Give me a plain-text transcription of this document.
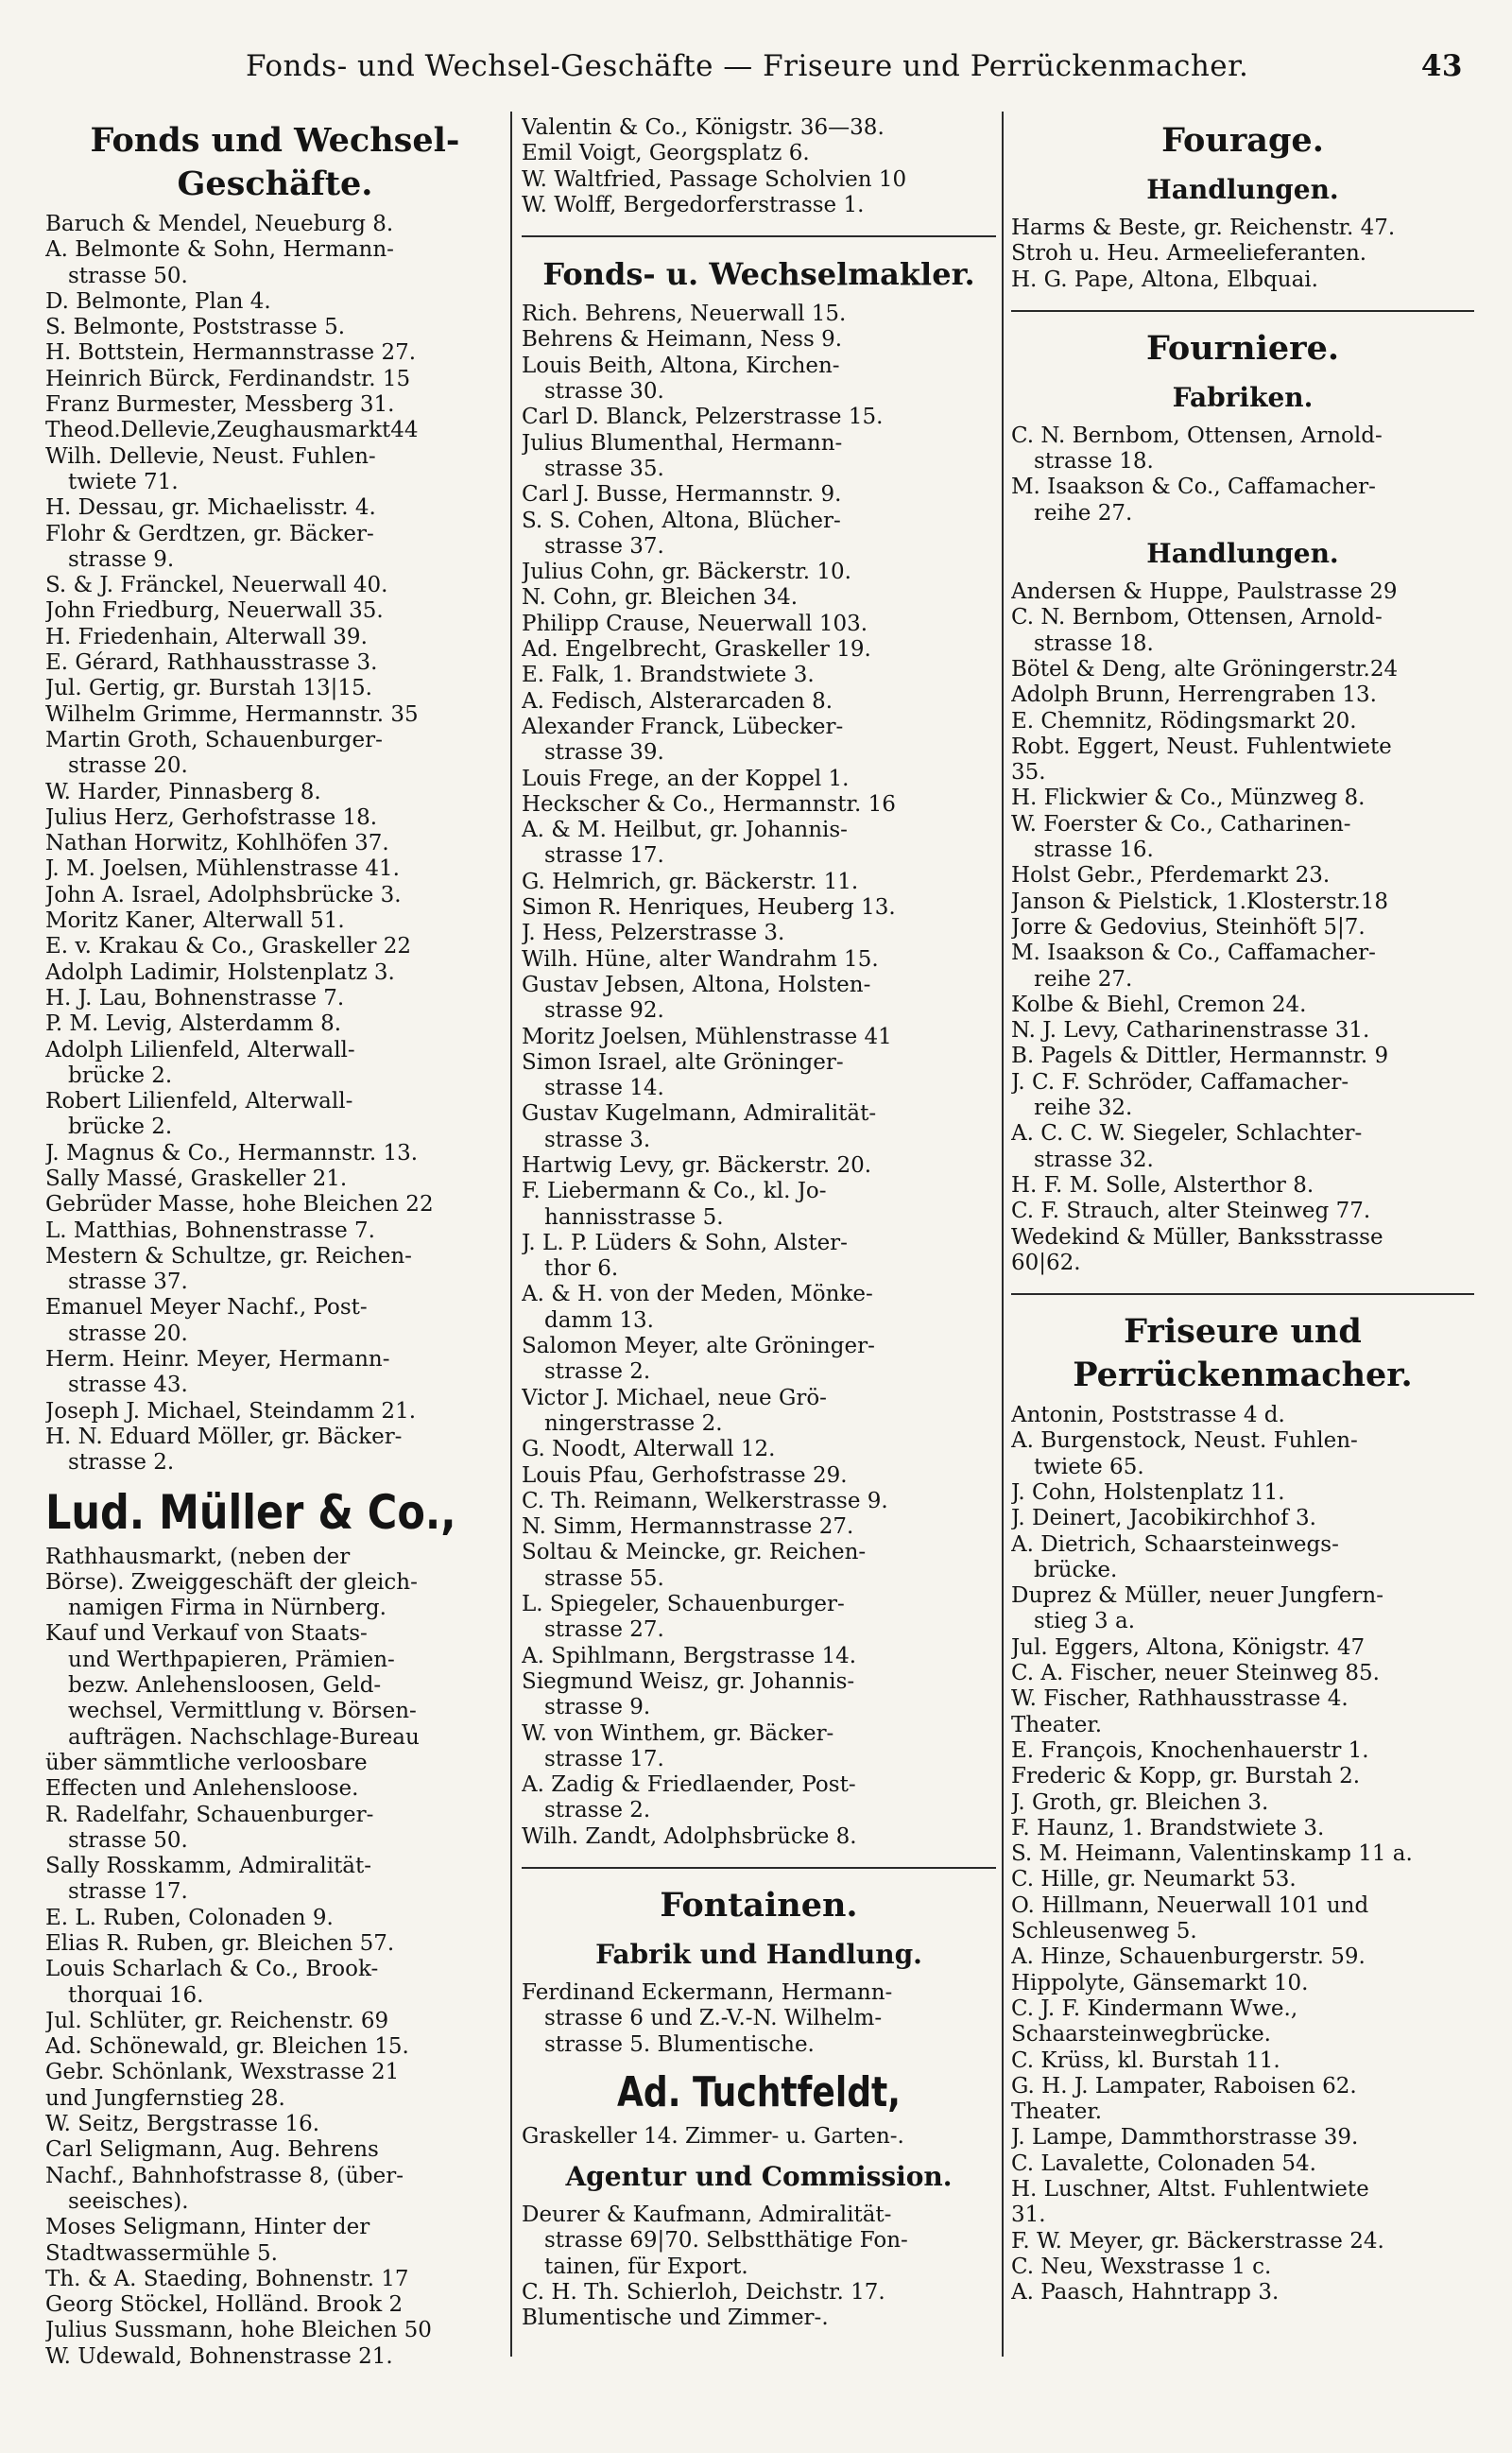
Fonds- und Wechsel-Geschäfte — Friseure und Perrückenmacher.	43
Fonds und Wechsel-
Geschäfte.
Baruch & Mendel, Neueburg 8.
A. Belmonte & Sohn, Hermann-
strasse 50.
D. Belmonte, Plan 4.
S. Belmonte, Poststrasse 5.
H. Bottstein, Hermannstrasse 27.
Heinrich Bürck, Ferdinandstr. 15
Franz Burmester, Messberg 31.
Theod.Dellevie,Zeughausmarkt44
Wilh. Dellevie, Neust. Fuhlen-
twiete 71.
H. Dessau, gr. Michaelisstr. 4.
Flohr & Gerdtzen, gr. Bäcker-
strasse 9.
S. & J. Fränckel, Neuerwall 40.
John Friedburg, Neuerwall 35.
H. Friedenhain, Alterwall 39.
E. Gérard, Rathhausstrasse 3.
Jul. Gertig, gr. Burstah 13|15.
Wilhelm Grimme, Hermannstr. 35
Martin Groth, Schauenburger-
strasse 20.
W. Harder, Pinnasberg 8.
Julius Herz, Gerhofstrasse 18.
Nathan Horwitz, Kohlhöfen 37.
J. M. Joelsen, Mühlenstrasse 41.
John A. Israel, Adolphsbrücke 3.
Moritz Kaner, Alterwall 51.
E. v. Krakau & Co., Graskeller 22
Adolph Ladimir, Holstenplatz 3.
H. J. Lau, Bohnenstrasse 7.
P. M. Levig, Alsterdamm 8.
Adolph Lilienfeld, Alterwall-
brücke 2.
Robert Lilienfeld, Alterwall-
brücke 2.
J. Magnus & Co., Hermannstr. 13.
Sally Massé, Graskeller 21.
Gebrüder Masse, hohe Bleichen 22
L. Matthias, Bohnenstrasse 7.
Mestern & Schultze, gr. Reichen-
strasse 37.
Emanuel Meyer Nachf., Post-
strasse 20.
Herm. Heinr. Meyer, Hermann-
strasse 43.
Joseph J. Michael, Steindamm 21.
H. N. Eduard Möller, gr. Bäcker-
strasse 2.
Lud. Müller & Co.,
Rathhausmarkt, (neben der
Börse). Zweiggeschäft der gleich-
namigen Firma in Nürnberg.
Kauf und Verkauf von Staats-
und Werthpapieren, Prämien-
bezw. Anlehensloosen, Geld-
wechsel, Vermittlung v. Börsen-
aufträgen. Nachschlage-Bureau
über sämmtliche verloosbare
Effecten und Anlehensloose.
R. Radelfahr, Schauenburger-
strasse 50.
Sally Rosskamm, Admiralität-
strasse 17.
E. L. Ruben, Colonaden 9.
Elias R. Ruben, gr. Bleichen 57.
Louis Scharlach & Co., Brook-
thorquai 16.
Jul. Schlüter, gr. Reichenstr. 69
Ad. Schönewald, gr. Bleichen 15.
Gebr. Schönlank, Wexstrasse 21
und Jungfernstieg 28.
W. Seitz, Bergstrasse 16.
Carl Seligmann, Aug. Behrens
Nachf., Bahnhofstrasse 8, (über-
seeisches).
Moses Seligmann, Hinter der
Stadtwassermühle 5.
Th. & A. Staeding, Bohnenstr. 17
Georg Stöckel, Holländ. Brook 2
Julius Sussmann, hohe Bleichen 50
W. Udewald, Bohnenstrasse 21.
Valentin & Co., Königstr. 36—38.
Emil Voigt, Georgsplatz 6.
W. Waltfried, Passage Scholvien 10
W. Wolff, Bergedorferstrasse 1.
Fonds- u. Wechselmakler.
Rich. Behrens, Neuerwall 15.
Behrens & Heimann, Ness 9.
Louis Beith, Altona, Kirchen-
strasse 30.
Carl D. Blanck, Pelzerstrasse 15.
Julius Blumenthal, Hermann-
strasse 35.
Carl J. Busse, Hermannstr. 9.
S. S. Cohen, Altona, Blücher-
strasse 37.
Julius Cohn, gr. Bäckerstr. 10.
N. Cohn, gr. Bleichen 34.
Philipp Crause, Neuerwall 103.
Ad. Engelbrecht, Graskeller 19.
E. Falk, 1. Brandstwiete 3.
A. Fedisch, Alsterarcaden 8.
Alexander Franck, Lübecker-
strasse 39.
Louis Frege, an der Koppel 1.
Heckscher & Co., Hermannstr. 16
A. & M. Heilbut, gr. Johannis-
strasse 17.
G. Helmrich, gr. Bäckerstr. 11.
Simon R. Henriques, Heuberg 13.
J. Hess, Pelzerstrasse 3.
Wilh. Hüne, alter Wandrahm 15.
Gustav Jebsen, Altona, Holsten-
strasse 92.
Moritz Joelsen, Mühlenstrasse 41
Simon Israel, alte Gröninger-
strasse 14.
Gustav Kugelmann, Admiralität-
strasse 3.
Hartwig Levy, gr. Bäckerstr. 20.
F. Liebermann & Co., kl. Jo-
hannisstrasse 5.
J. L. P. Lüders & Sohn, Alster-
thor 6.
A. & H. von der Meden, Mönke-
damm 13.
Salomon Meyer, alte Gröninger-
strasse 2.
Victor J. Michael, neue Grö-
ningerstrasse 2.
G. Noodt, Alterwall 12.
Louis Pfau, Gerhofstrasse 29.
C. Th. Reimann, Welkerstrasse 9.
N. Simm, Hermannstrasse 27.
Soltau & Meincke, gr. Reichen-
strasse 55.
L. Spiegeler, Schauenburger-
strasse 27.
A. Spihlmann, Bergstrasse 14.
Siegmund Weisz, gr. Johannis-
strasse 9.
W. von Winthem, gr. Bäcker-
strasse 17.
A. Zadig & Friedlaender, Post-
strasse 2.
Wilh. Zandt, Adolphsbrücke 8.
Fontainen.
Fabrik und Handlung.
Ferdinand Eckermann, Hermann-
strasse 6 und Z.-V.-N. Wilhelm-
strasse 5. Blumentische.
Ad. Tuchtfeldt,
Graskeller 14. Zimmer- u. Garten-.
Agentur und Commission.
Deurer & Kaufmann, Admiralität-
strasse 69|70. Selbstthätige Fon-
tainen, für Export.
C. H. Th. Schierloh, Deichstr. 17.
Blumentische und Zimmer-.
Fourage.
Handlungen.
Harms & Beste, gr. Reichenstr. 47.
Stroh u. Heu. Armeelieferanten.
H. G. Pape, Altona, Elbquai.
Fourniere.
Fabriken.
C. N. Bernbom, Ottensen, Arnold-
strasse 18.
M. Isaakson & Co., Caffamacher-
reihe 27.
Handlungen.
Andersen & Huppe, Paulstrasse 29
C. N. Bernbom, Ottensen, Arnold-
strasse 18.
Bötel & Deng, alte Gröningerstr.24
Adolph Brunn, Herrengraben 13.
E. Chemnitz, Rödingsmarkt 20.
Robt. Eggert, Neust. Fuhlentwiete
35.
H. Flickwier & Co., Münzweg 8.
W. Foerster & Co., Catharinen-
strasse 16.
Holst Gebr., Pferdemarkt 23.
Janson & Pielstick, 1.Klosterstr.18
Jorre & Gedovius, Steinhöft 5|7.
M. Isaakson & Co., Caffamacher-
reihe 27.
Kolbe & Biehl, Cremon 24.
N. J. Levy, Catharinenstrasse 31.
B. Pagels & Dittler, Hermannstr. 9
J. C. F. Schröder, Caffamacher-
reihe 32.
A. C. C. W. Siegeler, Schlachter-
strasse 32.
H. F. M. Solle, Alsterthor 8.
C. F. Strauch, alter Steinweg 77.
Wedekind & Müller, Banksstrasse
60|62.
Friseure und
Perrückenmacher.
Antonin, Poststrasse 4 d.
A. Burgenstock, Neust. Fuhlen-
twiete 65.
J. Cohn, Holstenplatz 11.
J. Deinert, Jacobikirchhof 3.
A. Dietrich, Schaarsteinwegs-
brücke.
Duprez & Müller, neuer Jungfern-
stieg 3 a.
Jul. Eggers, Altona, Königstr. 47
C. A. Fischer, neuer Steinweg 85.
W. Fischer, Rathhausstrasse 4.
Theater.
E. François, Knochenhauerstr 1.
Frederic & Kopp, gr. Burstah 2.
J. Groth, gr. Bleichen 3.
F. Haunz, 1. Brandstwiete 3.
S. M. Heimann, Valentinskamp 11 a.
C. Hille, gr. Neumarkt 53.
O. Hillmann, Neuerwall 101 und
Schleusenweg 5.
A. Hinze, Schauenburgerstr. 59.
Hippolyte, Gänsemarkt 10.
C. J. F. Kindermann Wwe.,
Schaarsteinwegbrücke.
C. Krüss, kl. Burstah 11.
G. H. J. Lampater, Raboisen 62.
Theater.
J. Lampe, Dammthorstrasse 39.
C. Lavalette, Colonaden 54.
H. Luschner, Altst. Fuhlentwiete
31.
F. W. Meyer, gr. Bäckerstrasse 24.
C. Neu, Wexstrasse 1 c.
A. Paasch, Hahntrapp 3.
